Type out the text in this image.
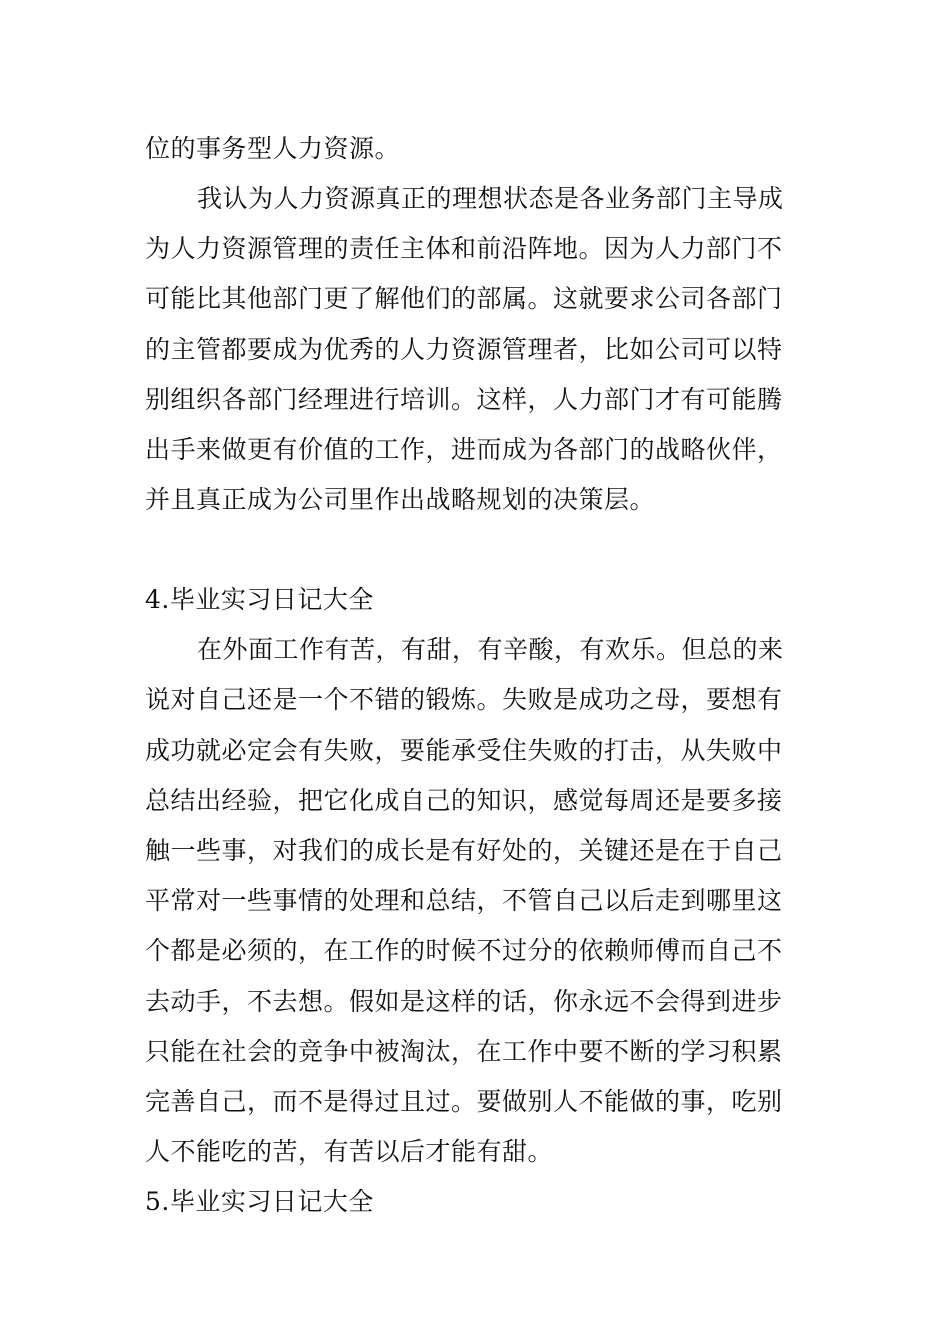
位的事务型人力资源。
我认为人力资源真正的理想状态是各业务部门主导成
为人力资源管理的责任主体和前沿阵地。因为人力部门不
可能比其他部门更了解他们的部属。这就要求公司各部门
的主管都要成为优秀的人力资源管理者，比如公司可以特
别组织各部门经理进行培训。这样，人力部门才有可能腾
出手来做更有价值的工作，进而成为各部门的战略伙伴，
并且真正成为公司里作出战略规划的决策层。
4.毕业实习日记大全
在外面工作有苦，有甜，有辛酸，有欢乐。但总的来
说对自己还是一个不错的锻炼。失败是成功之母，要想有
成功就必定会有失败，要能承受住失败的打击，从失败中
总结出经验，把它化成自己的知识，感觉每周还是要多接
触一些事，对我们的成长是有好处的，关键还是在于自己
平常对一些事情的处理和总结，不管自己以后走到哪里这
个都是必须的，在工作的时候不过分的依赖师傅而自己不
去动手，不去想。假如是这样的话，你永远不会得到进步
只能在社会的竞争中被淘汰，在工作中要不断的学习积累
完善自己，而不是得过且过。要做别人不能做的事，吃别
人不能吃的苦，有苦以后才能有甜。
5.毕业实习日记大全
